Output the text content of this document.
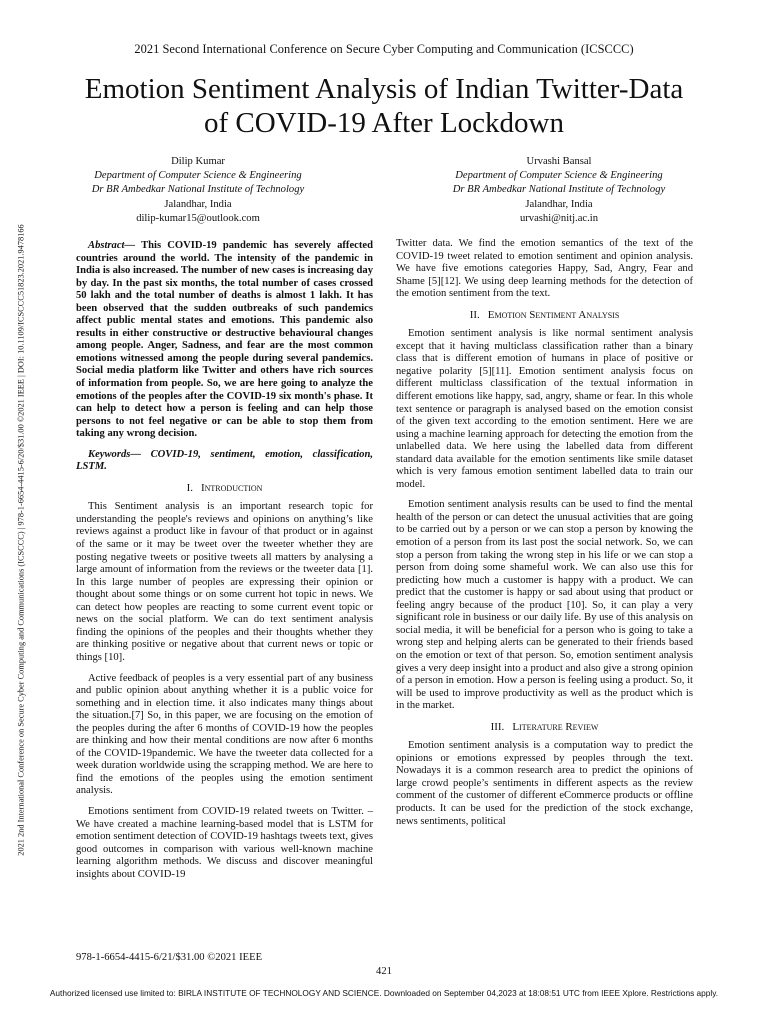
2021 Second International Conference on Secure Cyber Computing and Communication (ICSCCC)
Emotion Sentiment Analysis of Indian Twitter-Data
of COVID-19 After Lockdown
2021 2nd International Conference on Secure Cyber Computing and Communications (ICSCCC) | 978-1-6654-4415-6/20/$31.00 ©2021 IEEE | DOI: 10.1109/ICSCCC51823.2021.9478166
Dilip Kumar
Department of Computer Science & Engineering
Dr BR Ambedkar National Institute of Technology
Jalandhar, India
dilip-kumar15@outlook.com
Urvashi Bansal
Department of Computer Science & Engineering
Dr BR Ambedkar National Institute of Technology
Jalandhar, India
urvashi@nitj.ac.in

Abstract— This COVID-19 pandemic has severely affected countries around the world. The intensity of the pandemic in India is also increased. The number of new cases is increasing day by day. In the past six months, the total number of cases crossed 50 lakh and the total number of deaths is almost 1 lakh. It has been observed that the sudden outbreaks of such pandemics affect public mental states and emotions. This pandemic also results in either constructive or destructive behavioural changes among people. Anger, Sadness, and fear are the most common emotions witnessed among the people during several pandemics. Social media platform like Twitter and others have rich sources of information from people. So, we are here going to analyze the emotions of the peoples after the COVID-19 six month's phase. It can help to detect how a person is feeling and can help those persons to not feel negative or can be able to stop them from taking any wrong decision.

Keywords— COVID-19, sentiment, emotion, classification, LSTM.

I. Introduction

This Sentiment analysis is an important research topic for understanding the people's reviews and opinions on anything’s like reviews against a product like in favour of that product or in against of the same or it may be tweet over the tweeter whether they are posting negative tweets or positive tweets all matters by analysing a large amount of information from the reviews or the tweeter data [1]. In this large number of peoples are expressing their opinion or thought about some things or on some current hot topic in news. We can detect how peoples are reacting to some current event topic or news on the social platform. We can do text sentiment analysis finding the opinions of the peoples and their thoughts whether they are thinking positive or negative about that current news or topic or things [10].

Active feedback of peoples is a very essential part of any business and public opinion about anything whether it is a public voice for something and in election time. it also indicates many things about the situation.[7] So, in this paper, we are focusing on the emotion of the peoples during the after 6 months of COVID-19 how the peoples are thinking and how their mental conditions are now after 6 months of the COVID-19pandemic. We have the tweeter data collected for a week duration worldwide using the scrapping method. We are here to find the emotions of the peoples using the emotion sentiment analysis.

Emotions sentiment from COVID-19 related tweets on Twitter. – We have created a machine learning-based model that is LSTM for emotion sentiment detection of COVID-19 hashtags tweets text, gives good outcomes in comparison with various well-known machine learning algorithm methods. We discuss and discover meaningful insights about COVID-19

Twitter data. We find the emotion semantics of the text of the COVID-19 tweet related to emotion sentiment and opinion analysis. We have five emotions categories Happy, Sad, Angry, Fear and Shame [5][12]. We using deep learning methods for the detection of the emotion sentiment from the text.

II. Emotion Sentiment Analysis

Emotion sentiment analysis is like normal sentiment analysis except that it having multiclass classification rather than a binary class that is different emotion of humans in place of positive or negative polarity [5][11]. Emotion sentiment analysis focus on different multiclass classification of the textual information in different emotions like happy, sad, angry, shame or fear. In this whole text sentence or paragraph is analysed based on the emotion consist of the given text according to the emotion sentiment. Here we are using a machine learning approach for detecting the emotion from the unlabelled data. We here using the labelled data from different standard data available for the emotion sentiments like smile dataset which is very famous emotion sentiment labelled data to train our model.

Emotion sentiment analysis results can be used to find the mental health of the person or can detect the unusual activities that are going to be carried out by a person or we can stop a person by knowing the emotion of a person from its last post the social network. So, we can stop a person from taking the wrong step in his life or we can stop a person from doing some shameful work. We can also use this for predicting how much a customer is happy with a product. We can predict that the customer is happy or sad about using that product or feeling angry because of the product [10]. So, it can play a very significant role in business or our daily life. By use of this analysis on social media, it will be beneficial for a person who is going to take a wrong step and helping alerts can be generated to their friends based on the emotion or text of that person. So, emotion sentiment analysis gives a very deep insight into a product and also give a strong opinion of a person in emotion. How a person is feeling using a product. So, it will be used to improve productivity as well as the product which is in the market.

III. Literature Review

Emotion sentiment analysis is a computation way to predict the opinions or emotions expressed by peoples through the text. Nowadays it is a common research area to predict the opinions of large crowd people’s sentiments in different aspects as the review comment of the customer of different eCommerce products or offline products. It can be used for the prediction of the stock exchange, news sentiments, political

978-1-6654-4415-6/21/$31.00 ©2021 IEEE
421
Authorized licensed use limited to: BIRLA INSTITUTE OF TECHNOLOGY AND SCIENCE. Downloaded on September 04,2023 at 18:08:51 UTC from IEEE Xplore. Restrictions apply.
